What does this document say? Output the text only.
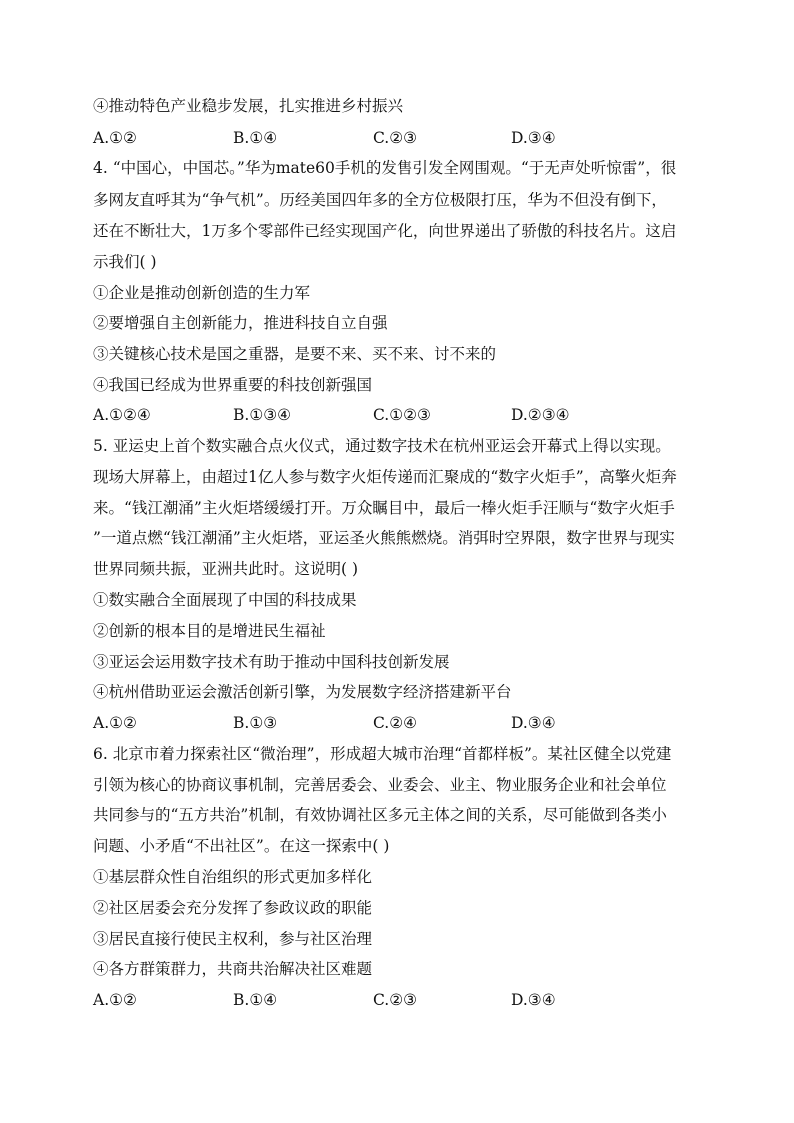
④推动特色产业稳步发展，扎实推进乡村振兴
A.①②	B.①④	C.②③	D.③④
4. “中国心，中国芯。”华为mate60手机的发售引发全网围观。“于无声处听惊雷”，很
多网友直呼其为“争气机”。历经美国四年多的全方位极限打压，华为不但没有倒下，
还在不断壮大，1万多个零部件已经实现国产化，向世界递出了骄傲的科技名片。这启
示我们( )
①企业是推动创新创造的生力军
②要增强自主创新能力，推进科技自立自强
③关键核心技术是国之重器，是要不来、买不来、讨不来的
④我国已经成为世界重要的科技创新强国
A.①②④	B.①③④	C.①②③	D.②③④
5. 亚运史上首个数实融合点火仪式，通过数字技术在杭州亚运会开幕式上得以实现。
现场大屏幕上，由超过1亿人参与数字火炬传递而汇聚成的“数字火炬手”，高擎火炬奔
来。“钱江潮涌”主火炬塔缓缓打开。万众瞩目中，最后一棒火炬手汪顺与“数字火炬手
”一道点燃“钱江潮涌”主火炬塔，亚运圣火熊熊燃烧。消弭时空界限，数字世界与现实
世界同频共振，亚洲共此时。这说明( )
①数实融合全面展现了中国的科技成果
②创新的根本目的是增进民生福祉
③亚运会运用数字技术有助于推动中国科技创新发展
④杭州借助亚运会激活创新引擎，为发展数字经济搭建新平台
A.①②	B.①③	C.②④	D.③④
6. 北京市着力探索社区“微治理”，形成超大城市治理“首都样板”。某社区健全以党建
引领为核心的协商议事机制，完善居委会、业委会、业主、物业服务企业和社会单位
共同参与的“五方共治”机制，有效协调社区多元主体之间的关系，尽可能做到各类小
问题、小矛盾“不出社区”。在这一探索中( )
①基层群众性自治组织的形式更加多样化
②社区居委会充分发挥了参政议政的职能
③居民直接行使民主权利，参与社区治理
④各方群策群力，共商共治解决社区难题
A.①②	B.①④	C.②③	D.③④
